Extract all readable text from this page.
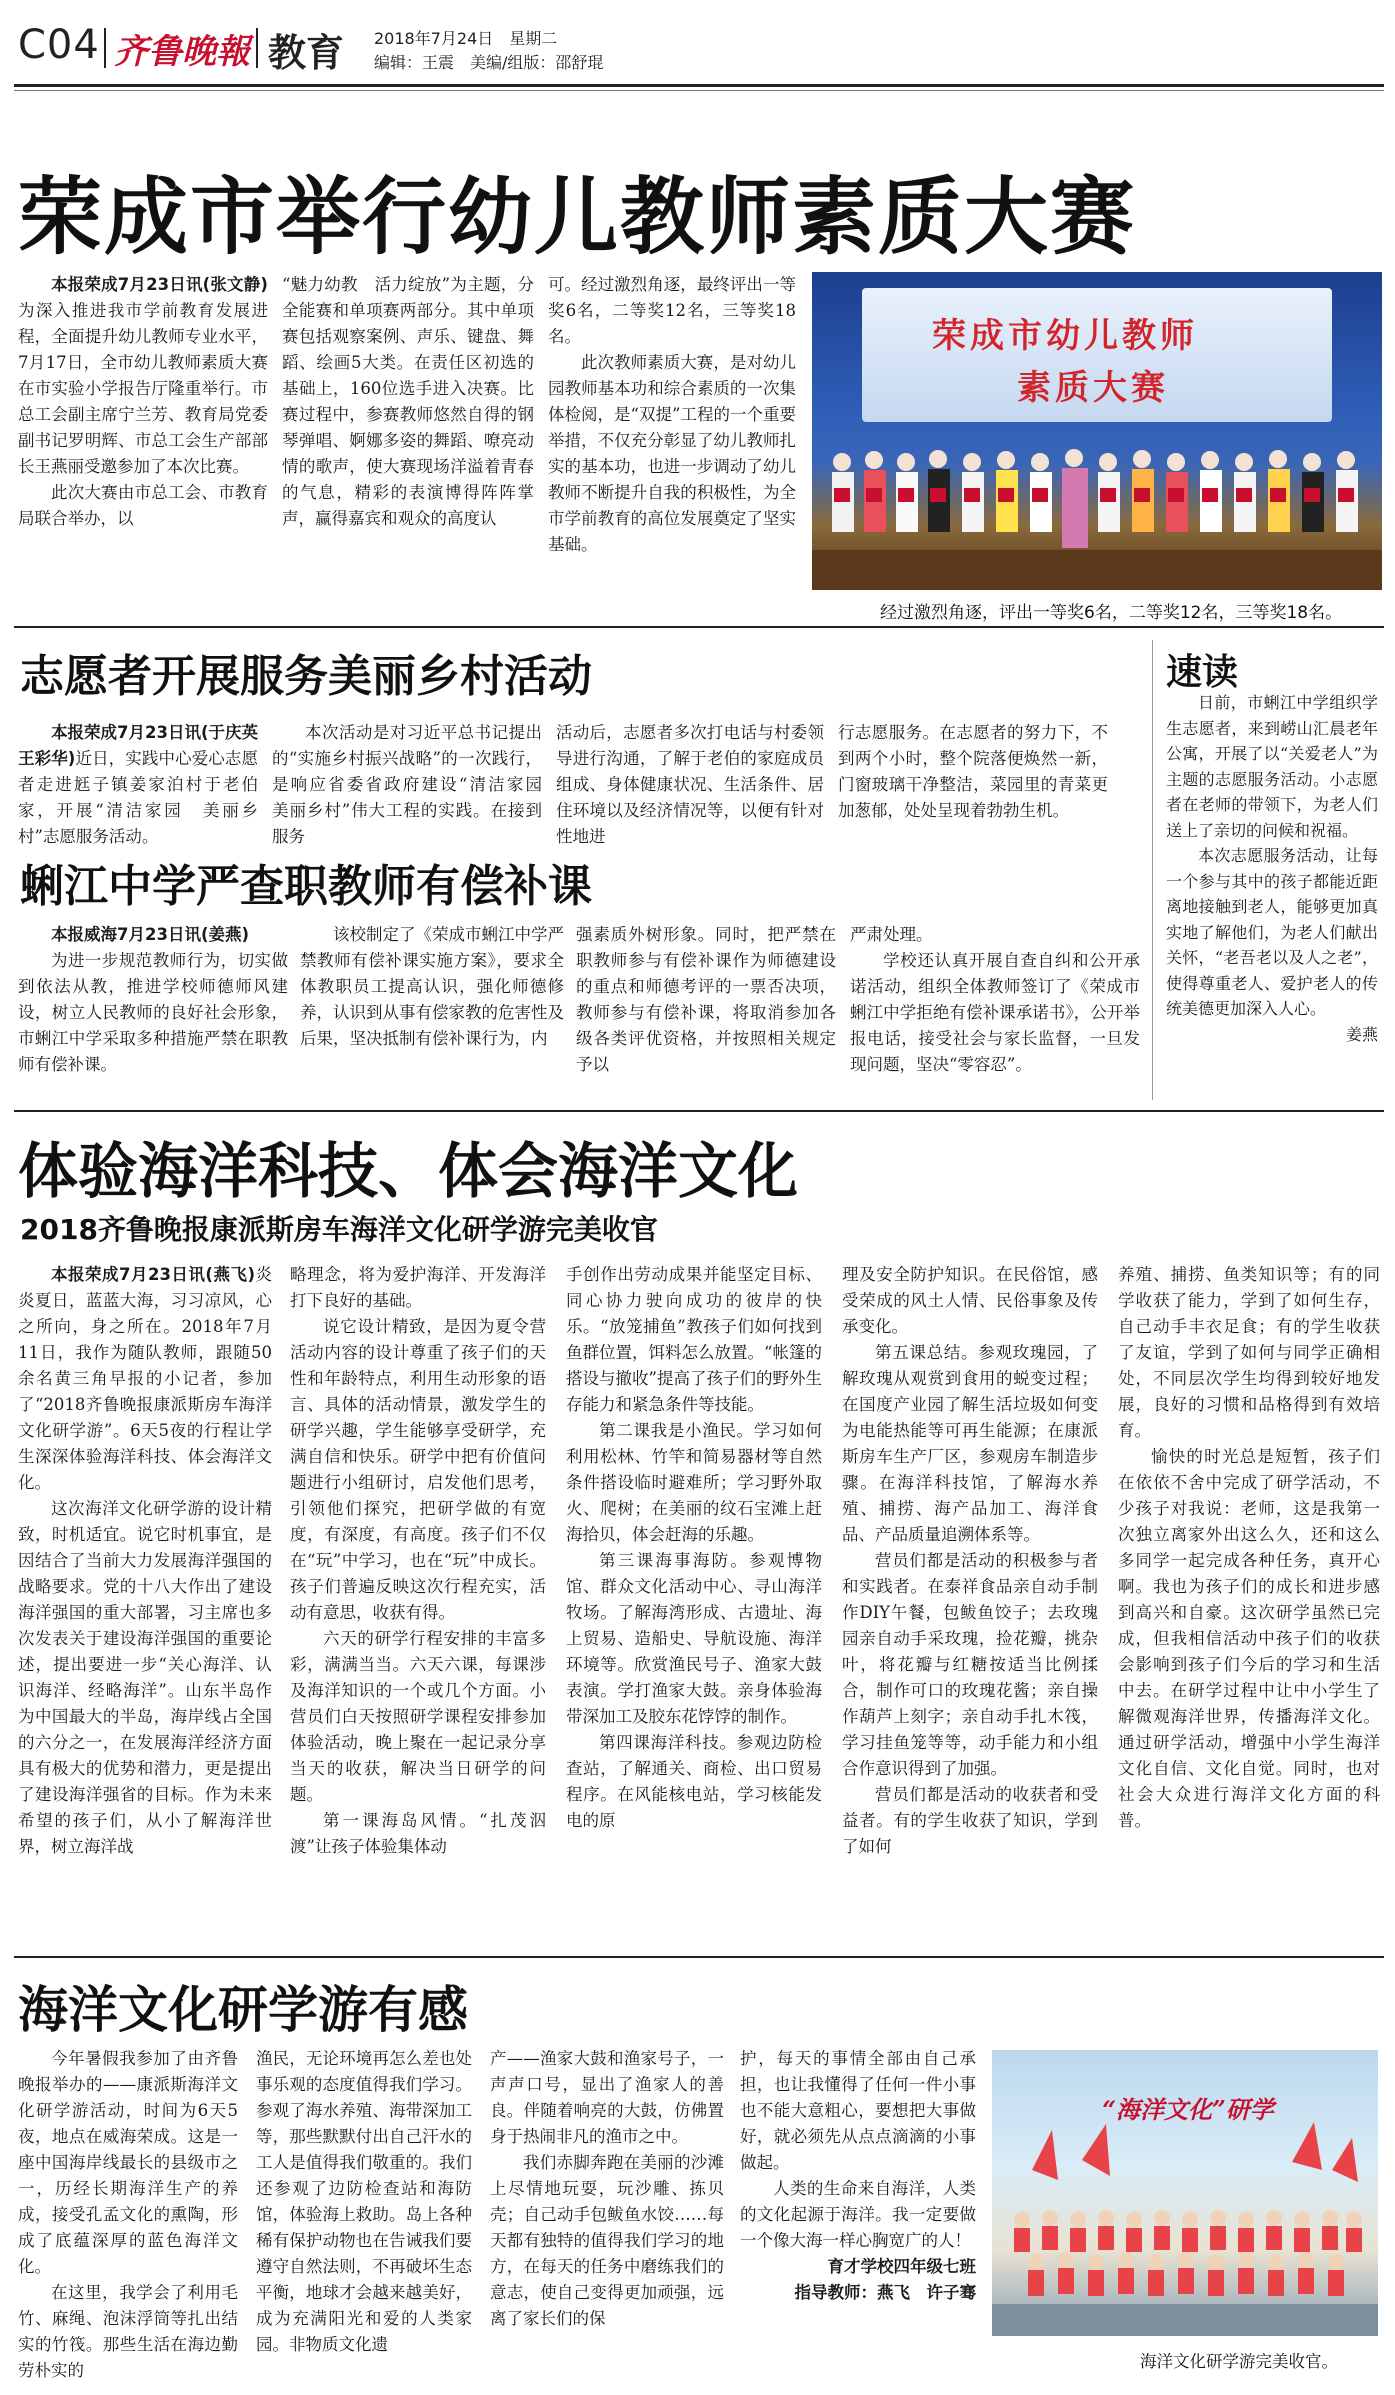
C04 齐鲁晚報 教育 2018年7月24日　星期二
编辑：王震　美编/组版：邵舒琨
荣成市举行幼儿教师素质大赛

本报荣成7月23日讯(张文静)为深入推进我市学前教育发展进程，全面提升幼儿教师专业水平，7月17日，全市幼儿教师素质大赛在市实验小学报告厅隆重举行。市总工会副主席宁兰芳、教育局党委副书记罗明辉、市总工会生产部部长王燕丽受邀参加了本次比赛。

此次大赛由市总工会、市教育局联合举办，以

“魅力幼教　活力绽放”为主题，分全能赛和单项赛两部分。其中单项赛包括观察案例、声乐、键盘、舞蹈、绘画5大类。在责任区初选的基础上，160位选手进入决赛。比赛过程中，参赛教师悠然自得的钢琴弹唱、婀娜多姿的舞蹈、嘹亮动情的歌声，使大赛现场洋溢着青春的气息，精彩的表演博得阵阵掌声，赢得嘉宾和观众的高度认

可。经过激烈角逐，最终评出一等奖6名，二等奖12名，三等奖18名。

此次教师素质大赛，是对幼儿园教师基本功和综合素质的一次集体检阅，是“双提”工程的一个重要举措，不仅充分彰显了幼儿教师扎实的基本功，也进一步调动了幼儿教师不断提升自我的积极性，为全市学前教育的高位发展奠定了坚实基础。

荣成市幼儿教师
素质大赛
经过激烈角逐，评出一等奖6名，二等奖12名，三等奖18名。
志愿者开展服务美丽乡村活动

本报荣成7月23日讯(于庆英　王彩华)近日，实践中心爱心志愿者走进䶭子镇姜家泊村于老伯家，开展“清洁家园　美丽乡村”志愿服务活动。

本次活动是对习近平总书记提出的“实施乡村振兴战略”的一次践行，是响应省委省政府建设“清洁家园　美丽乡村”伟大工程的实践。在接到服务

活动后，志愿者多次打电话与村委领导进行沟通，了解于老伯的家庭成员组成、身体健康状况、生活条件、居住环境以及经济情况等，以便有针对性地进

行志愿服务。在志愿者的努力下，不到两个小时，整个院落便焕然一新，门窗玻璃干净整洁，菜园里的青菜更加葱郁，处处呈现着勃勃生机。

速读

日前，市蜊江中学组织学生志愿者，来到崂山汇晨老年公寓，开展了以“关爱老人”为主题的志愿服务活动。小志愿者在老师的带领下，为老人们送上了亲切的问候和祝福。

本次志愿服务活动，让每一个参与其中的孩子都能近距离地接触到老人，能够更加真实地了解他们，为老人们献出关怀，“老吾老以及人之老”，使得尊重老人、爱护老人的传统美德更加深入人心。

姜燕

蜊江中学严查职教师有偿补课

本报威海7月23日讯(姜燕)

为进一步规范教师行为，切实做到依法从教，推进学校师德师风建设，树立人民教师的良好社会形象，市蜊江中学采取多种措施严禁在职教师有偿补课。

该校制定了《荣成市蜊江中学严禁教师有偿补课实施方案》，要求全体教职员工提高认识，强化师德修养，认识到从事有偿家教的危害性及后果，坚决抵制有偿补课行为，内

强素质外树形象。同时，把严禁在职教师参与有偿补课作为师德建设的重点和师德考评的一票否决项，教师参与有偿补课，将取消参加各级各类评优资格，并按照相关规定予以

严肃处理。

学校还认真开展自查自纠和公开承诺活动，组织全体教师签订了《荣成市蜊江中学拒绝有偿补课承诺书》，公开举报电话，接受社会与家长监督，一旦发现问题，坚决“零容忍”。

体验海洋科技、体会海洋文化
2018齐鲁晚报康派斯房车海洋文化研学游完美收官

本报荣成7月23日讯(燕飞)炎炎夏日，蓝蓝大海，习习凉风，心之所向，身之所在。2018年7月11日，我作为随队教师，跟随50余名黄三角早报的小记者，参加了“2018齐鲁晚报康派斯房车海洋文化研学游”。6天5夜的行程让学生深深体验海洋科技、体会海洋文化。

这次海洋文化研学游的设计精致，时机适宜。说它时机事宜，是因结合了当前大力发展海洋强国的战略要求。党的十八大作出了建设海洋强国的重大部署，习主席也多次发表关于建设海洋强国的重要论述，提出要进一步“关心海洋、认识海洋、经略海洋”。山东半岛作为中国最大的半岛，海岸线占全国的六分之一，在发展海洋经济方面具有极大的优势和潜力，更是提出了建设海洋强省的目标。作为未来希望的孩子们，从小了解海洋世界，树立海洋战

略理念，将为爱护海洋、开发海洋打下良好的基础。

说它设计精致，是因为夏令营活动内容的设计尊重了孩子们的天性和年龄特点，利用生动形象的语言、具体的活动情景，激发学生的研学兴趣，学生能够享受研学，充满自信和快乐。研学中把有价值问题进行小组研讨，启发他们思考，引领他们探究，把研学做的有宽度，有深度，有高度。孩子们不仅在“玩”中学习，也在“玩”中成长。孩子们普遍反映这次行程充实，活动有意思，收获有得。

六天的研学行程安排的丰富多彩，满满当当。六天六课，每课涉及海洋知识的一个或几个方面。小营员们白天按照研学课程安排参加体验活动，晚上聚在一起记录分享当天的收获，解决当日研学的问题。

第一课海岛风情。“扎茂泅渡”让孩子体验集体动

手创作出劳动成果并能坚定目标、同心协力驶向成功的彼岸的快乐。“放笼捕鱼”教孩子们如何找到鱼群位置，饵料怎么放置。“帐篷的搭设与撤收”提高了孩子们的野外生存能力和紧急条件等技能。

第二课我是小渔民。学习如何利用松林、竹竿和简易器材等自然条件搭设临时避难所；学习野外取火、爬树；在美丽的纹石宝滩上赶海拾贝，体会赶海的乐趣。

第三课海事海防。参观博物馆、群众文化活动中心、寻山海洋牧场。了解海湾形成、古遗址、海上贸易、造船史、导航设施、海洋环境等。欣赏渔民号子、渔家大鼓表演。学打渔家大鼓。亲身体验海带深加工及胶东花饽饽的制作。

第四课海洋科技。参观边防检查站，了解通关、商检、出口贸易程序。在风能核电站，学习核能发电的原

理及安全防护知识。在民俗馆，感受荣成的风土人情、民俗事象及传承变化。

第五课总结。参观玫瑰园，了解玫瑰从观赏到食用的蜕变过程；在国度产业园了解生活垃圾如何变为电能热能等可再生能源；在康派斯房车生产厂区，参观房车制造步骤。在海洋科技馆，了解海水养殖、捕捞、海产品加工、海洋食品、产品质量追溯体系等。

营员们都是活动的积极参与者和实践者。在泰祥食品亲自动手制作DIY午餐，包鲅鱼饺子；去玫瑰园亲自动手采玫瑰，捡花瓣，挑杂叶，将花瓣与红糖按适当比例揉合，制作可口的玫瑰花酱；亲自操作葫芦上刻字；亲自动手扎木筏，学习挂鱼笼等等，动手能力和小组合作意识得到了加强。

营员们都是活动的收获者和受益者。有的学生收获了知识，学到了如何

养殖、捕捞、鱼类知识等；有的同学收获了能力，学到了如何生存，自己动手丰衣足食；有的学生收获了友谊，学到了如何与同学正确相处，不同层次学生均得到较好地发展，良好的习惯和品格得到有效培育。

愉快的时光总是短暂，孩子们在依依不舍中完成了研学活动，不少孩子对我说：老师，这是我第一次独立离家外出这么久，还和这么多同学一起完成各种任务，真开心啊。我也为孩子们的成长和进步感到高兴和自豪。这次研学虽然已完成，但我相信活动中孩子们的收获会影响到孩子们今后的学习和生活中去。在研学过程中让中小学生了解微观海洋世界，传播海洋文化。通过研学活动，增强中小学生海洋文化自信、文化自觉。同时，也对社会大众进行海洋文化方面的科普。

海洋文化研学游有感

今年暑假我参加了由齐鲁晚报举办的——康派斯海洋文化研学游活动，时间为6天5夜，地点在威海荣成。这是一座中国海岸线最长的县级市之一，历经长期海洋生产的养成，接受孔孟文化的熏陶，形成了底蕴深厚的蓝色海洋文化。

在这里，我学会了利用毛竹、麻绳、泡沫浮筒等扎出结实的竹筏。那些生活在海边勤劳朴实的

渔民，无论环境再怎么差也处事乐观的态度值得我们学习。参观了海水养殖、海带深加工等，那些默默付出自己汗水的工人是值得我们敬重的。我们还参观了边防检查站和海防馆，体验海上救助。岛上各种稀有保护动物也在告诫我们要遵守自然法则，不再破坏生态平衡，地球才会越来越美好，成为充满阳光和爱的人类家园。非物质文化遗

产——渔家大鼓和渔家号子，一声声口号，显出了渔家人的善良。伴随着响亮的大鼓，仿佛置身于热闹非凡的渔市之中。

我们赤脚奔跑在美丽的沙滩上尽情地玩耍，玩沙雕、拣贝壳；自己动手包鲅鱼水饺……每天都有独特的值得我们学习的地方，在每天的任务中磨练我们的意志，使自己变得更加顽强，远离了家长们的保

护，每天的事情全部由自己承担，也让我懂得了任何一件小事也不能大意粗心，要想把大事做好，就必须先从点点滴滴的小事做起。

人类的生命来自海洋，人类的文化起源于海洋。我一定要做一个像大海一样心胸宽广的人！

育才学校四年级七班

指导教师：燕飞　 许子骞

“海洋文化”研学
海洋文化研学游完美收官。
